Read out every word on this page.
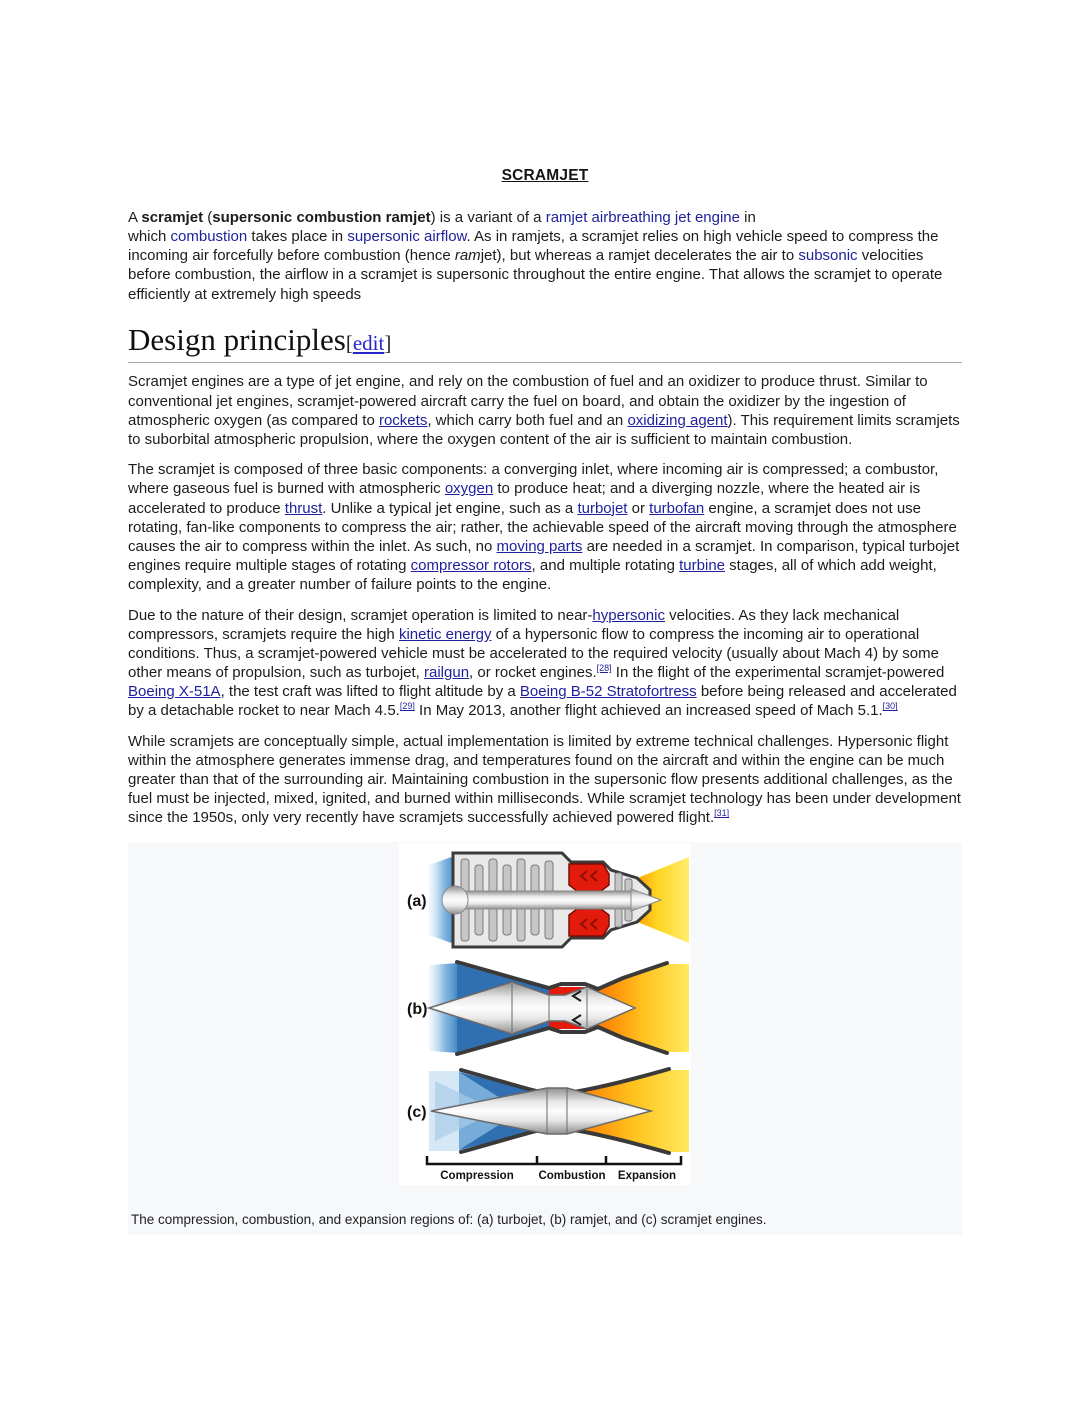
SCRAMJET

A scramjet (supersonic combustion ramjet) is a variant of a ramjet airbreathing jet engine in
which combustion takes place in supersonic airflow. As in ramjets, a scramjet relies on high vehicle speed to compress the incoming air forcefully before combustion (hence ramjet), but whereas a ramjet decelerates the air to subsonic velocities before combustion, the airflow in a scramjet is supersonic throughout the entire engine. That allows the scramjet to operate efficiently at extremely high speeds

Design principles[edit]

Scramjet engines are a type of jet engine, and rely on the combustion of fuel and an oxidizer to produce thrust. Similar to conventional jet engines, scramjet-powered aircraft carry the fuel on board, and obtain the oxidizer by the ingestion of atmospheric oxygen (as compared to rockets, which carry both fuel and an oxidizing agent). This requirement limits scramjets to suborbital atmospheric propulsion, where the oxygen content of the air is sufficient to maintain combustion.

The scramjet is composed of three basic components: a converging inlet, where incoming air is compressed; a combustor, where gaseous fuel is burned with atmospheric oxygen to produce heat; and a diverging nozzle, where the heated air is accelerated to produce thrust. Unlike a typical jet engine, such as a turbojet or turbofan engine, a scramjet does not use rotating, fan-like components to compress the air; rather, the achievable speed of the aircraft moving through the atmosphere causes the air to compress within the inlet. As such, no moving parts are needed in a scramjet. In comparison, typical turbojet engines require multiple stages of rotating compressor rotors, and multiple rotating turbine stages, all of which add weight, complexity, and a greater number of failure points to the engine.

Due to the nature of their design, scramjet operation is limited to near-hypersonic velocities. As they lack mechanical compressors, scramjets require the high kinetic energy of a hypersonic flow to compress the incoming air to operational conditions. Thus, a scramjet-powered vehicle must be accelerated to the required velocity (usually about Mach 4) by some other means of propulsion, such as turbojet, railgun, or rocket engines.[28] In the flight of the experimental scramjet-powered Boeing X-51A, the test craft was lifted to flight altitude by a Boeing B-52 Stratofortress before being released and accelerated by a detachable rocket to near Mach 4.5.[29] In May 2013, another flight achieved an increased speed of Mach 5.1.[30]

While scramjets are conceptually simple, actual implementation is limited by extreme technical challenges. Hypersonic flight within the atmosphere generates immense drag, and temperatures found on the aircraft and within the engine can be much greater than that of the surrounding air. Maintaining combustion in the supersonic flow presents additional challenges, as the fuel must be injected, mixed, ignited, and burned within milliseconds. While scramjet technology has been under development since the 1950s, only very recently have scramjets successfully achieved powered flight.[31]

(a)
(b)
(c)
Compression Combustion Expansion
The compression, combustion, and expansion regions of: (a) turbojet, (b) ramjet, and (c) scramjet engines.
